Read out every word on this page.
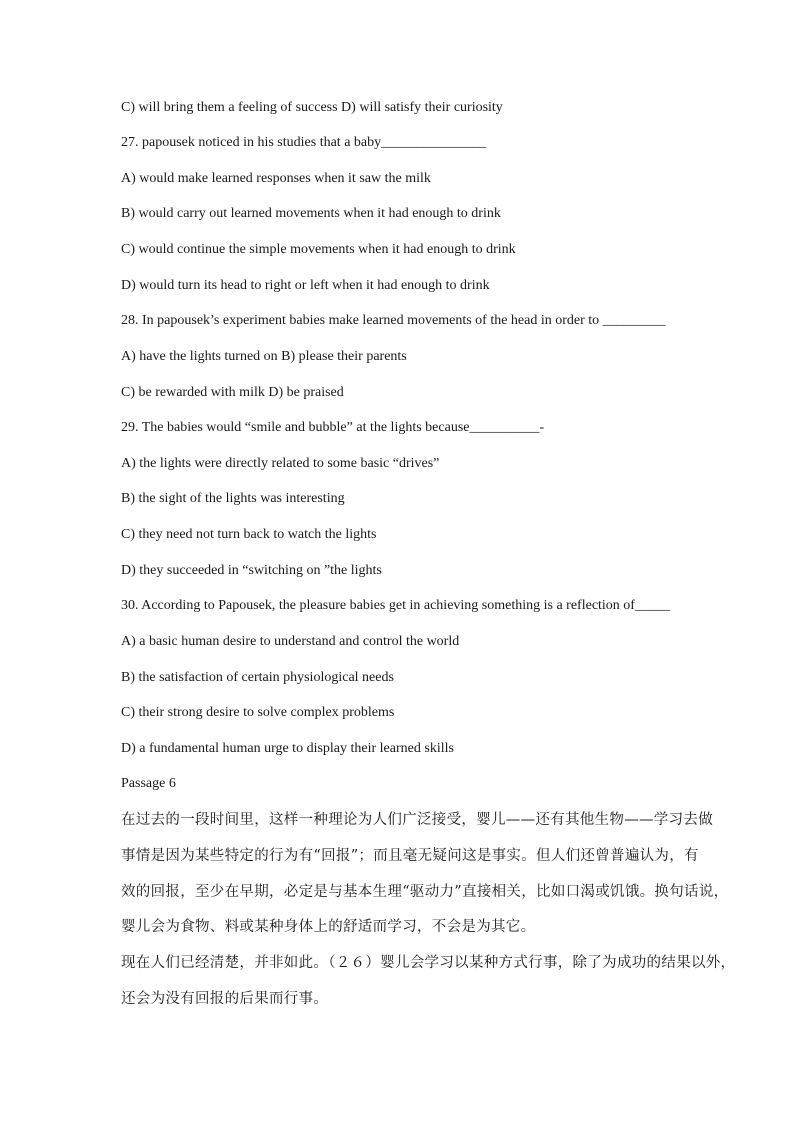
C) will bring them a feeling of success D) will satisfy their curiosity
27. papousek noticed in his studies that a baby_______________
A) would make learned responses when it saw the milk
B) would carry out learned movements when it had enough to drink
C) would continue the simple movements when it had enough to drink
D) would turn its head to right or left when it had enough to drink
28. In papousek’s experiment babies make learned movements of the head in order to _________
A) have the lights turned on B) please their parents
C) be rewarded with milk D) be praised
29. The babies would “smile and bubble” at the lights because__________-
A) the lights were directly related to some basic “drives”
B) the sight of the lights was interesting
C) they need not turn back to watch the lights
D) they succeeded in “switching on ”the lights
30. According to Papousek, the pleasure babies get in achieving something is a reflection of_____
A) a basic human desire to understand and control the world
B) the satisfaction of certain physiological needs
C) their strong desire to solve complex problems
D) a fundamental human urge to display their learned skills
Passage 6
在过去的一段时间里，这样一种理论为人们广泛接受，婴儿——还有其他生物——学习去做
事情是因为某些特定的行为有“回报”；而且毫无疑问这是事实。但人们还曾普遍认为，有
效的回报，至少在早期，必定是与基本生理“驱动力”直接相关，比如口渴或饥饿。换句话说，
婴儿会为食物、料或某种身体上的舒适而学习，不会是为其它。
现在人们已经清楚，并非如此。（２６）婴儿会学习以某种方式行事，除了为成功的结果以外，
还会为没有回报的后果而行事。
